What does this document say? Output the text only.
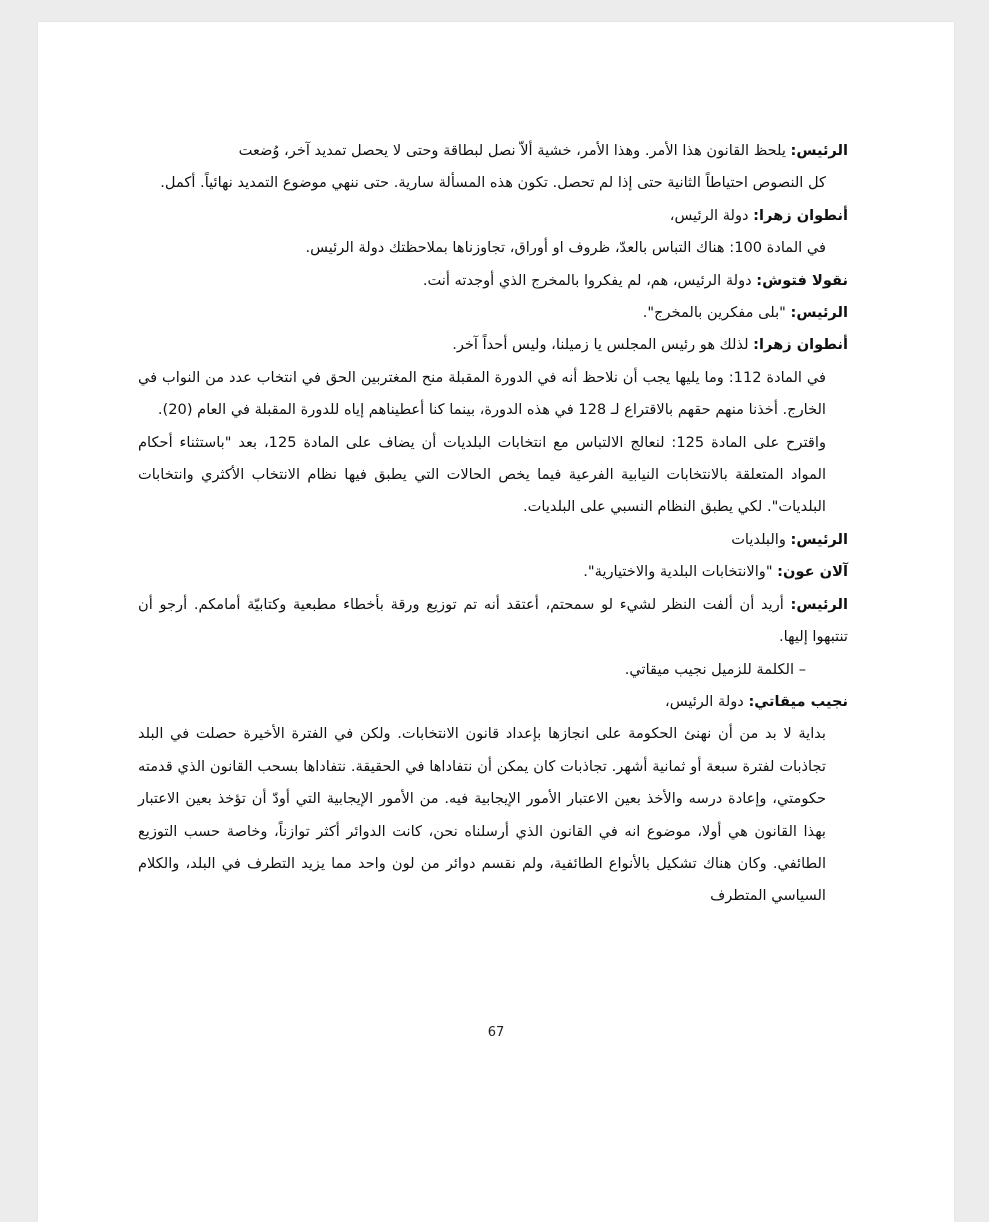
الرئيس: يلحظ القانون هذا الأمر. وهذا الأمر، خشية ألاّ نصل لبطاقة وحتى لا يحصل تمديد آخر، وُضعت

كل النصوص احتياطاً الثانية حتى إذا لم تحصل. تكون هذه المسألة سارية. حتى ننهي موضوع التمديد نهائياً. أكمل.

أنطوان زهرا: دولة الرئيس،

في المادة 100: هناك التباس بالعدّ، ظروف او أوراق، تجاوزناها بملاحظتك دولة الرئيس.

نقولا فتوش: دولة الرئيس، هم، لم يفكروا بالمخرج الذي أوجدته أنت.

الرئيس: "بلى مفكرين بالمخرج".

أنطوان زهرا: لذلك هو رئيس المجلس يا زميلنا، وليس أحداً آخر.

في المادة 112: وما يليها يجب أن نلاحظ أنه في الدورة المقبلة منح المغتربين الحق في انتخاب عدد من النواب في الخارج. أخذنا منهم حقهم بالاقتراع لـ 128 في هذه الدورة، بينما كنا أعطيناهم إياه للدورة المقبلة في العام (20).

واقترح على المادة 125: لنعالج الالتباس مع انتخابات البلديات أن يضاف على المادة 125، بعد "باستثناء أحكام المواد المتعلقة بالانتخابات النيابية الفرعية فيما يخص الحالات التي يطبق فيها نظام الانتخاب الأكثري وانتخابات البلديات". لكي يطبق النظام النسبي على البلديات.

الرئيس: والبلديات

آلان عون: "والانتخابات البلدية والاختيارية".

الرئيس: أريد أن ألفت النظر لشيء لو سمحتم، أعتقد أنه تم توزيع ورقة بأخطاء مطبعية وكتابيّة أمامكم. أرجو أن تنتبهوا إليها.

– الكلمة للزميل نجيب ميقاتي.

نجيب ميقاتي: دولة الرئيس،

بداية لا بد من أن نهنئ الحكومة على انجازها بإعداد قانون الانتخابات. ولكن في الفترة الأخيرة حصلت في البلد تجاذبات لفترة سبعة أو ثمانية أشهر. تجاذبات كان يمكن أن نتفاداها في الحقيقة. نتفاداها بسحب القانون الذي قدمته حكومتي، وإعادة درسه والأخذ بعين الاعتبار الأمور الإيجابية فيه. من الأمور الإيجابية التي أودّ أن تؤخذ بعين الاعتبار بهذا القانون هي أولا، موضوع انه في القانون الذي أرسلناه نحن، كانت الدوائر أكثر توازناً، وخاصة حسب التوزيع الطائفي. وكان هناك تشكيل بالأنواع الطائفية، ولم نقسم دوائر من لون واحد مما يزيد التطرف في البلد، والكلام السياسي المتطرف

67
